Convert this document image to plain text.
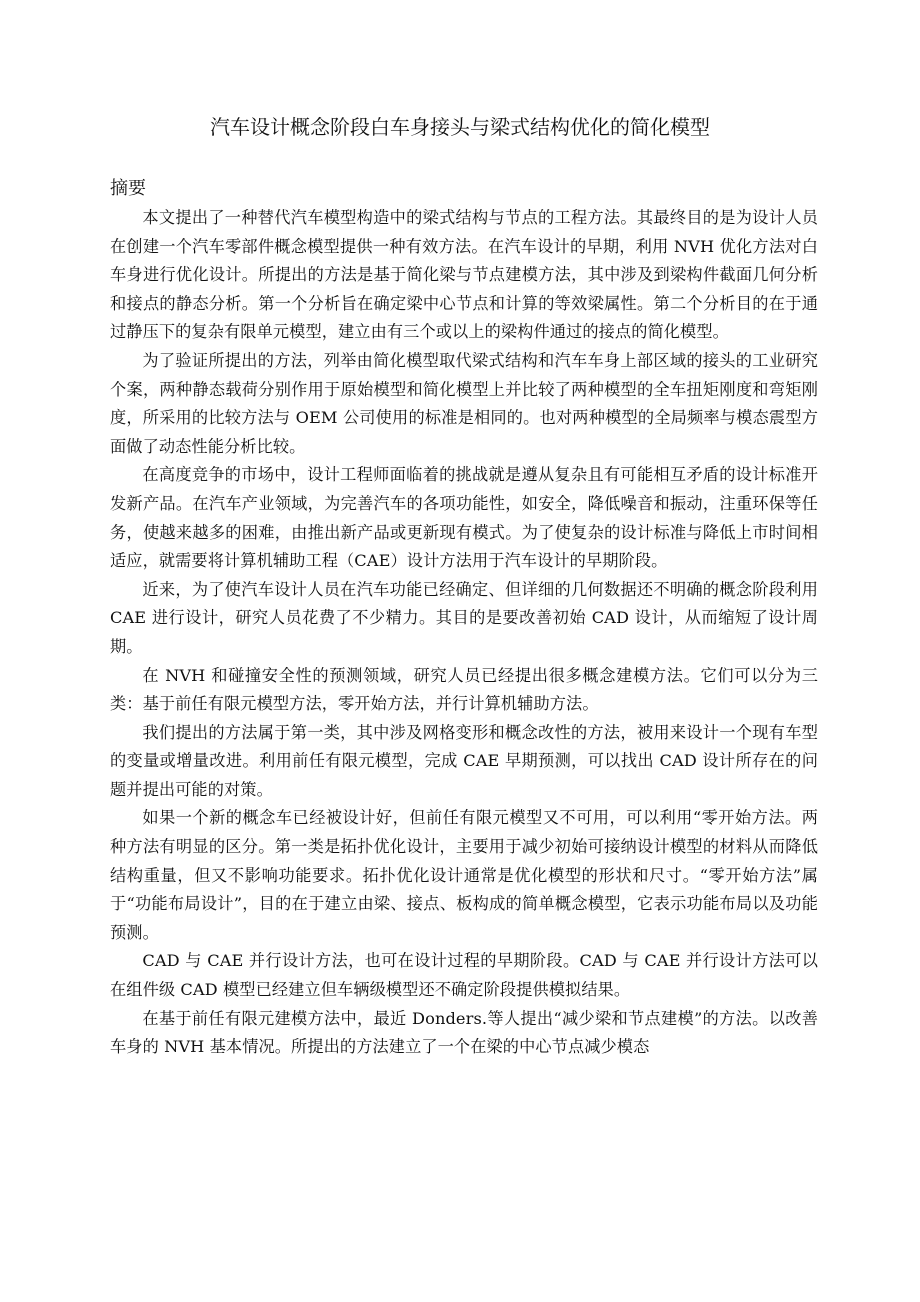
汽车设计概念阶段白车身接头与梁式结构优化的简化模型
摘要

本文提出了一种替代汽车模型构造中的梁式结构与节点的工程方法。其最终目的是为设计人员在创建一个汽车零部件概念模型提供一种有效方法。在汽车设计的早期，利用 NVH 优化方法对白车身进行优化设计。所提出的方法是基于简化梁与节点建模方法，其中涉及到梁构件截面几何分析和接点的静态分析。第一个分析旨在确定梁中心节点和计算的等效梁属性。第二个分析目的在于通过静压下的复杂有限单元模型，建立由有三个或以上的梁构件通过的接点的简化模型。

为了验证所提出的方法，列举由简化模型取代梁式结构和汽车车身上部区域的接头的工业研究个案，两种静态载荷分别作用于原始模型和简化模型上并比较了两种模型的全车扭矩刚度和弯矩刚度，所采用的比较方法与 OEM 公司使用的标准是相同的。也对两种模型的全局频率与模态震型方面做了动态性能分析比较。

在高度竞争的市场中，设计工程师面临着的挑战就是遵从复杂且有可能相互矛盾的设计标准开发新产品。在汽车产业领域，为完善汽车的各项功能性，如安全，降低噪音和振动，注重环保等任务，使越来越多的困难，由推出新产品或更新现有模式。为了使复杂的设计标准与降低上市时间相适应，就需要将计算机辅助工程（CAE）设计方法用于汽车设计的早期阶段。

近来，为了使汽车设计人员在汽车功能已经确定、但详细的几何数据还不明确的概念阶段利用 CAE 进行设计，研究人员花费了不少精力。其目的是要改善初始 CAD 设计，从而缩短了设计周期。

在 NVH 和碰撞安全性的预测领域，研究人员已经提出很多概念建模方法。它们可以分为三类：基于前任有限元模型方法，零开始方法，并行计算机辅助方法。

我们提出的方法属于第一类，其中涉及网格变形和概念改性的方法，被用来设计一个现有车型的变量或增量改进。利用前任有限元模型，完成 CAE 早期预测，可以找出 CAD 设计所存在的问题并提出可能的对策。

如果一个新的概念车已经被设计好，但前任有限元模型又不可用，可以利用“零开始方法。两种方法有明显的区分。第一类是拓扑优化设计，主要用于减少初始可接纳设计模型的材料从而降低结构重量，但又不影响功能要求。拓扑优化设计通常是优化模型的形状和尺寸。“零开始方法”属于“功能布局设计”，目的在于建立由梁、接点、板构成的简单概念模型，它表示功能布局以及功能预测。

CAD 与 CAE 并行设计方法，也可在设计过程的早期阶段。CAD 与 CAE 并行设计方法可以在组件级 CAD 模型已经建立但车辆级模型还不确定阶段提供模拟结果。

在基于前任有限元建模方法中，最近 Donders.等人提出“减少梁和节点建模”的方法。以改善车身的 NVH 基本情况。所提出的方法建立了一个在梁的中心节点减少模态
